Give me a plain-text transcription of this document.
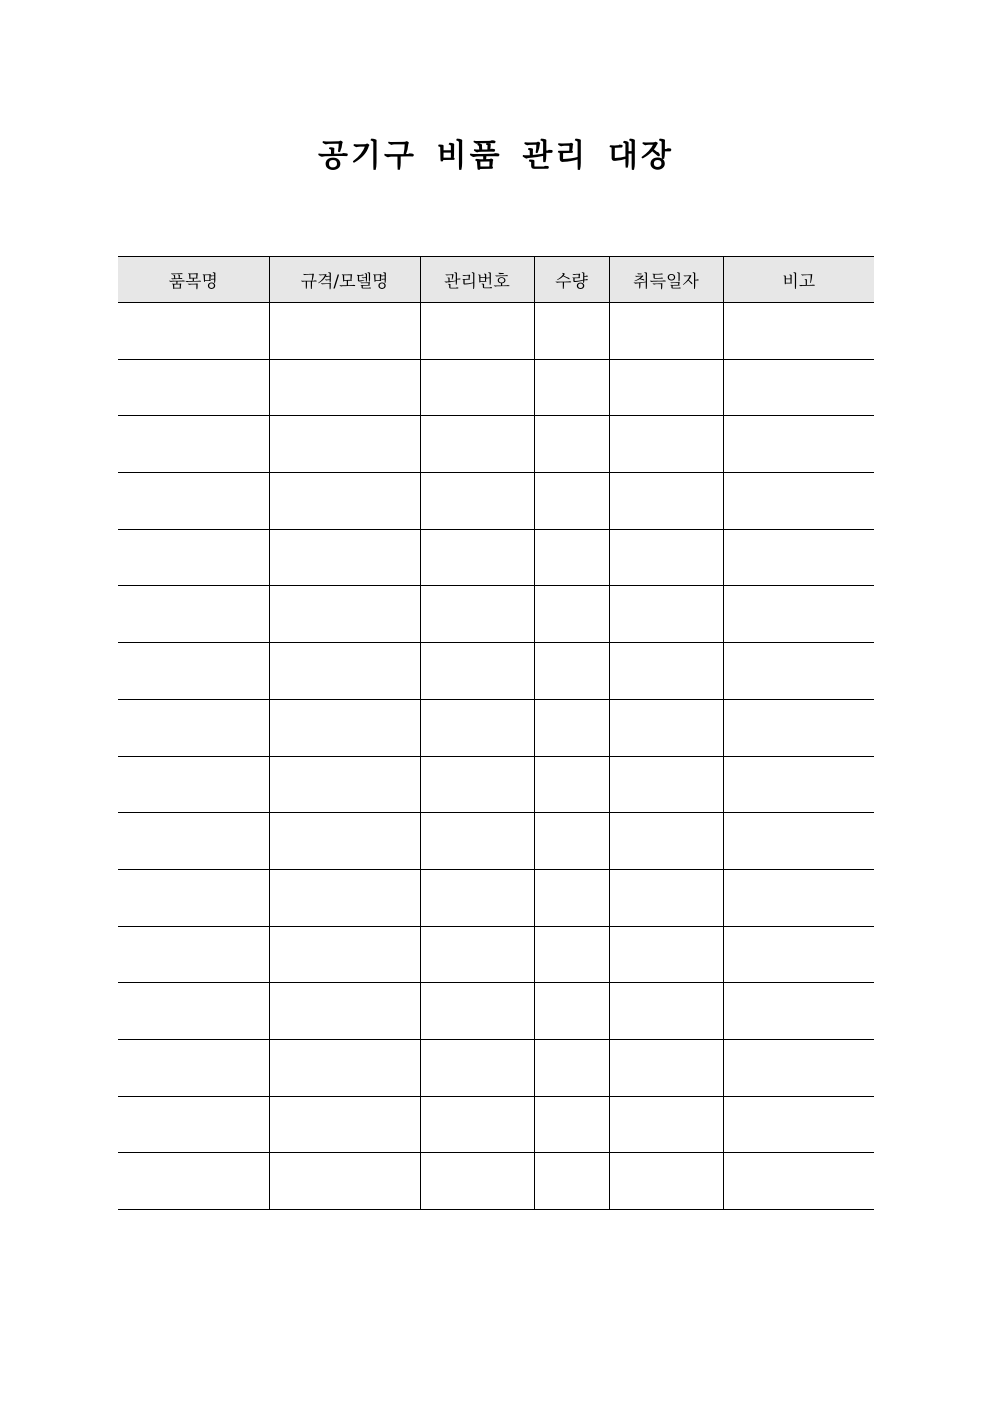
공기구 비품 관리 대장
품목명	규격/모델명	관리번호	수량	취득일자	비고
